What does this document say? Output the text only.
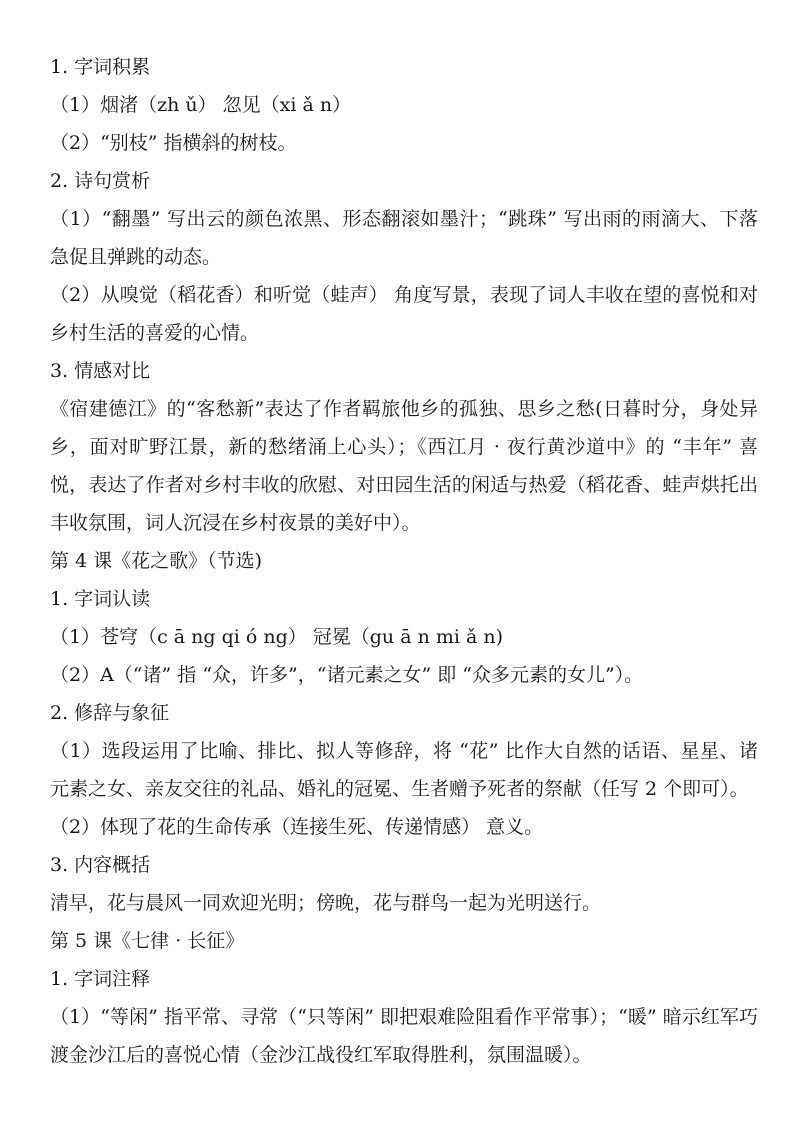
1. 字词积累
（1）烟渚（zh ǔ） 忽见（xi ǎ n）
（2）“别枝” 指横斜的树枝。
2. 诗句赏析
（1）“翻墨” 写出云的颜色浓黑、形态翻滚如墨汁；“跳珠” 写出雨的雨滴大、下落急促且弹跳的动态。
（2）从嗅觉（稻花香）和听觉（蛙声） 角度写景，表现了词人丰收在望的喜悦和对乡村生活的喜爱的心情。
3. 情感对比
《宿建德江》的“客愁新”表达了作者羁旅他乡的孤独、思乡之愁(日暮时分，身处异乡，面对旷野江景，新的愁绪涌上心头）；《西江月 · 夜行黄沙道中》的 “丰年” 喜悦，表达了作者对乡村丰收的欣慰、对田园生活的闲适与热爱（稻花香、蛙声烘托出丰收氛围，词人沉浸在乡村夜景的美好中）。
第 4 课《花之歌》（节选)
1. 字词认读
（1）苍穹（c ā ng qi ó ng） 冠冕（gu ā n mi ǎ n)
（2）A（“诸” 指 “众，许多”，“诸元素之女” 即 “众多元素的女儿”）。
2. 修辞与象征
（1）选段运用了比喻、排比、拟人等修辞，将 “花” 比作大自然的话语、星星、诸元素之女、亲友交往的礼品、婚礼的冠冕、生者赠予死者的祭献（任写 2 个即可）。
（2）体现了花的生命传承（连接生死、传递情感） 意义。
3. 内容概括
清早，花与晨风一同欢迎光明；傍晚，花与群鸟一起为光明送行。
第 5 课《七律 · 长征》
1. 字词注释
（1）“等闲” 指平常、寻常（“只等闲” 即把艰难险阻看作平常事）；“暖” 暗示红军巧渡金沙江后的喜悦心情（金沙江战役红军取得胜利，氛围温暖）。
